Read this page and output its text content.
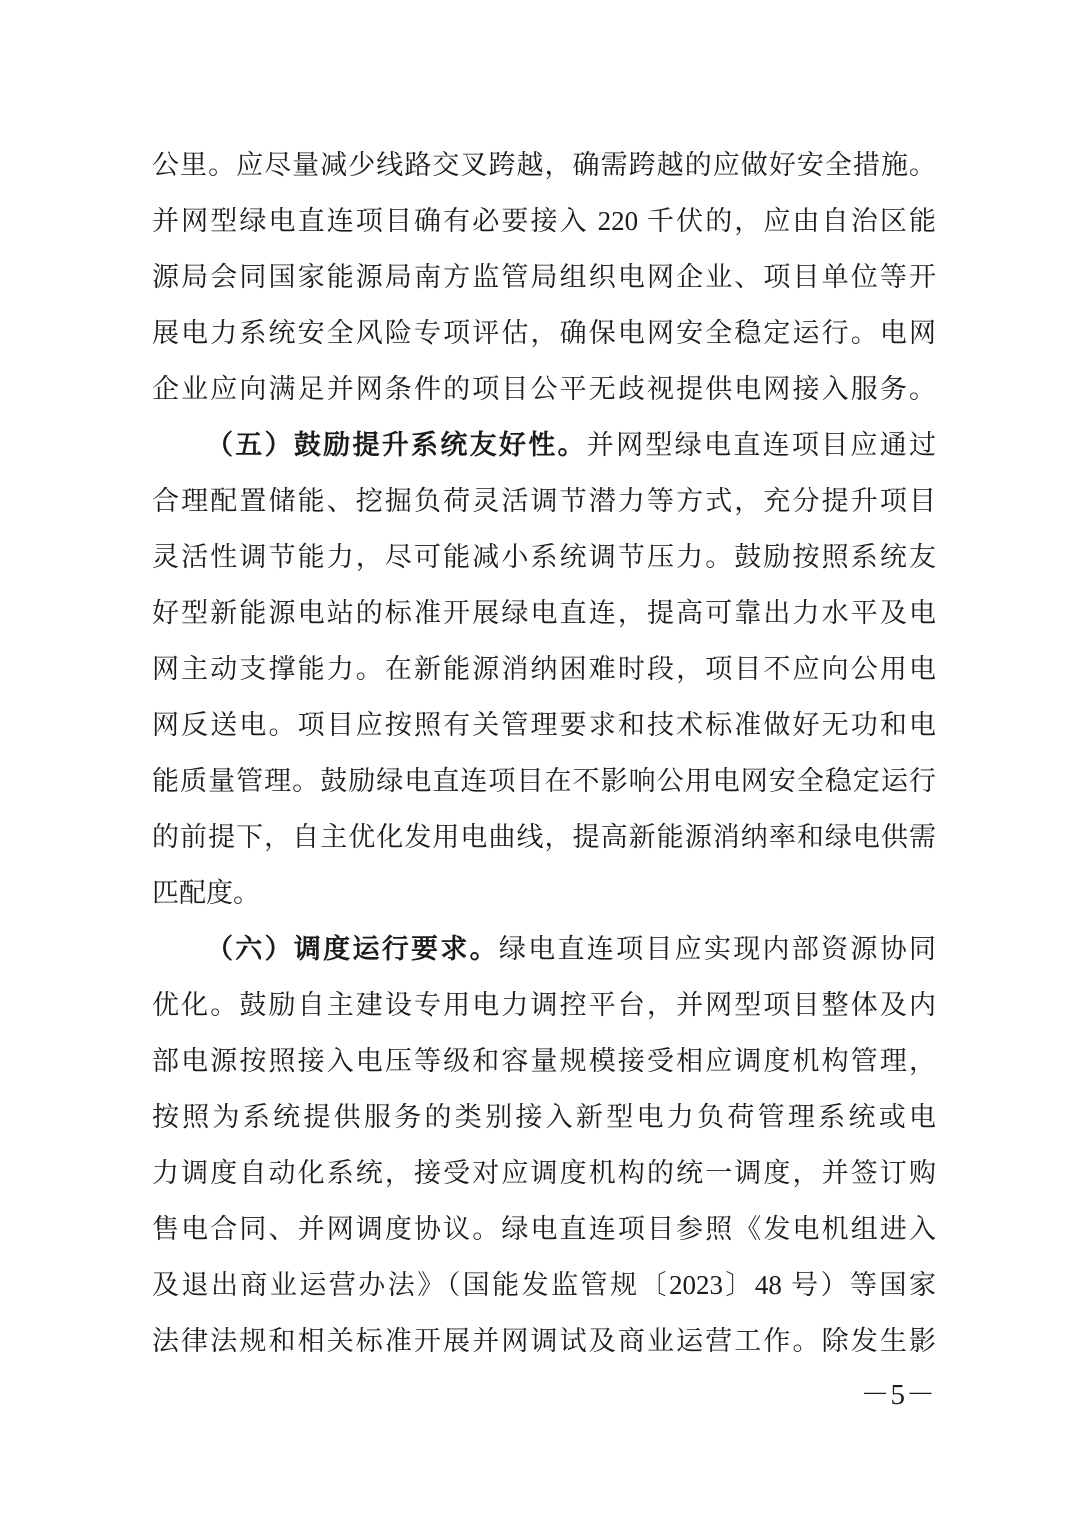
公里。应尽量减少线路交叉跨越，确需跨越的应做好安全措施。
并网型绿电直连项目确有必要接入 220 千伏的，应由自治区能
源局会同国家能源局南方监管局组织电网企业、项目单位等开
展电力系统安全风险专项评估，确保电网安全稳定运行。电网
企业应向满足并网条件的项目公平无歧视提供电网接入服务。
（五）鼓励提升系统友好性。并网型绿电直连项目应通过
合理配置储能、挖掘负荷灵活调节潜力等方式，充分提升项目
灵活性调节能力，尽可能减小系统调节压力。鼓励按照系统友
好型新能源电站的标准开展绿电直连，提高可靠出力水平及电
网主动支撑能力。在新能源消纳困难时段，项目不应向公用电
网反送电。项目应按照有关管理要求和技术标准做好无功和电
能质量管理。鼓励绿电直连项目在不影响公用电网安全稳定运行
的前提下，自主优化发用电曲线，提高新能源消纳率和绿电供需
匹配度。
（六）调度运行要求。绿电直连项目应实现内部资源协同
优化。鼓励自主建设专用电力调控平台，并网型项目整体及内
部电源按照接入电压等级和容量规模接受相应调度机构管理，
按照为系统提供服务的类别接入新型电力负荷管理系统或电
力调度自动化系统，接受对应调度机构的统一调度，并签订购
售电合同、并网调度协议。绿电直连项目参照《发电机组进入
及退出商业运营办法》（国能发监管规〔2023〕48 号）等国家
法律法规和相关标准开展并网调试及商业运营工作。除发生影
－5－
